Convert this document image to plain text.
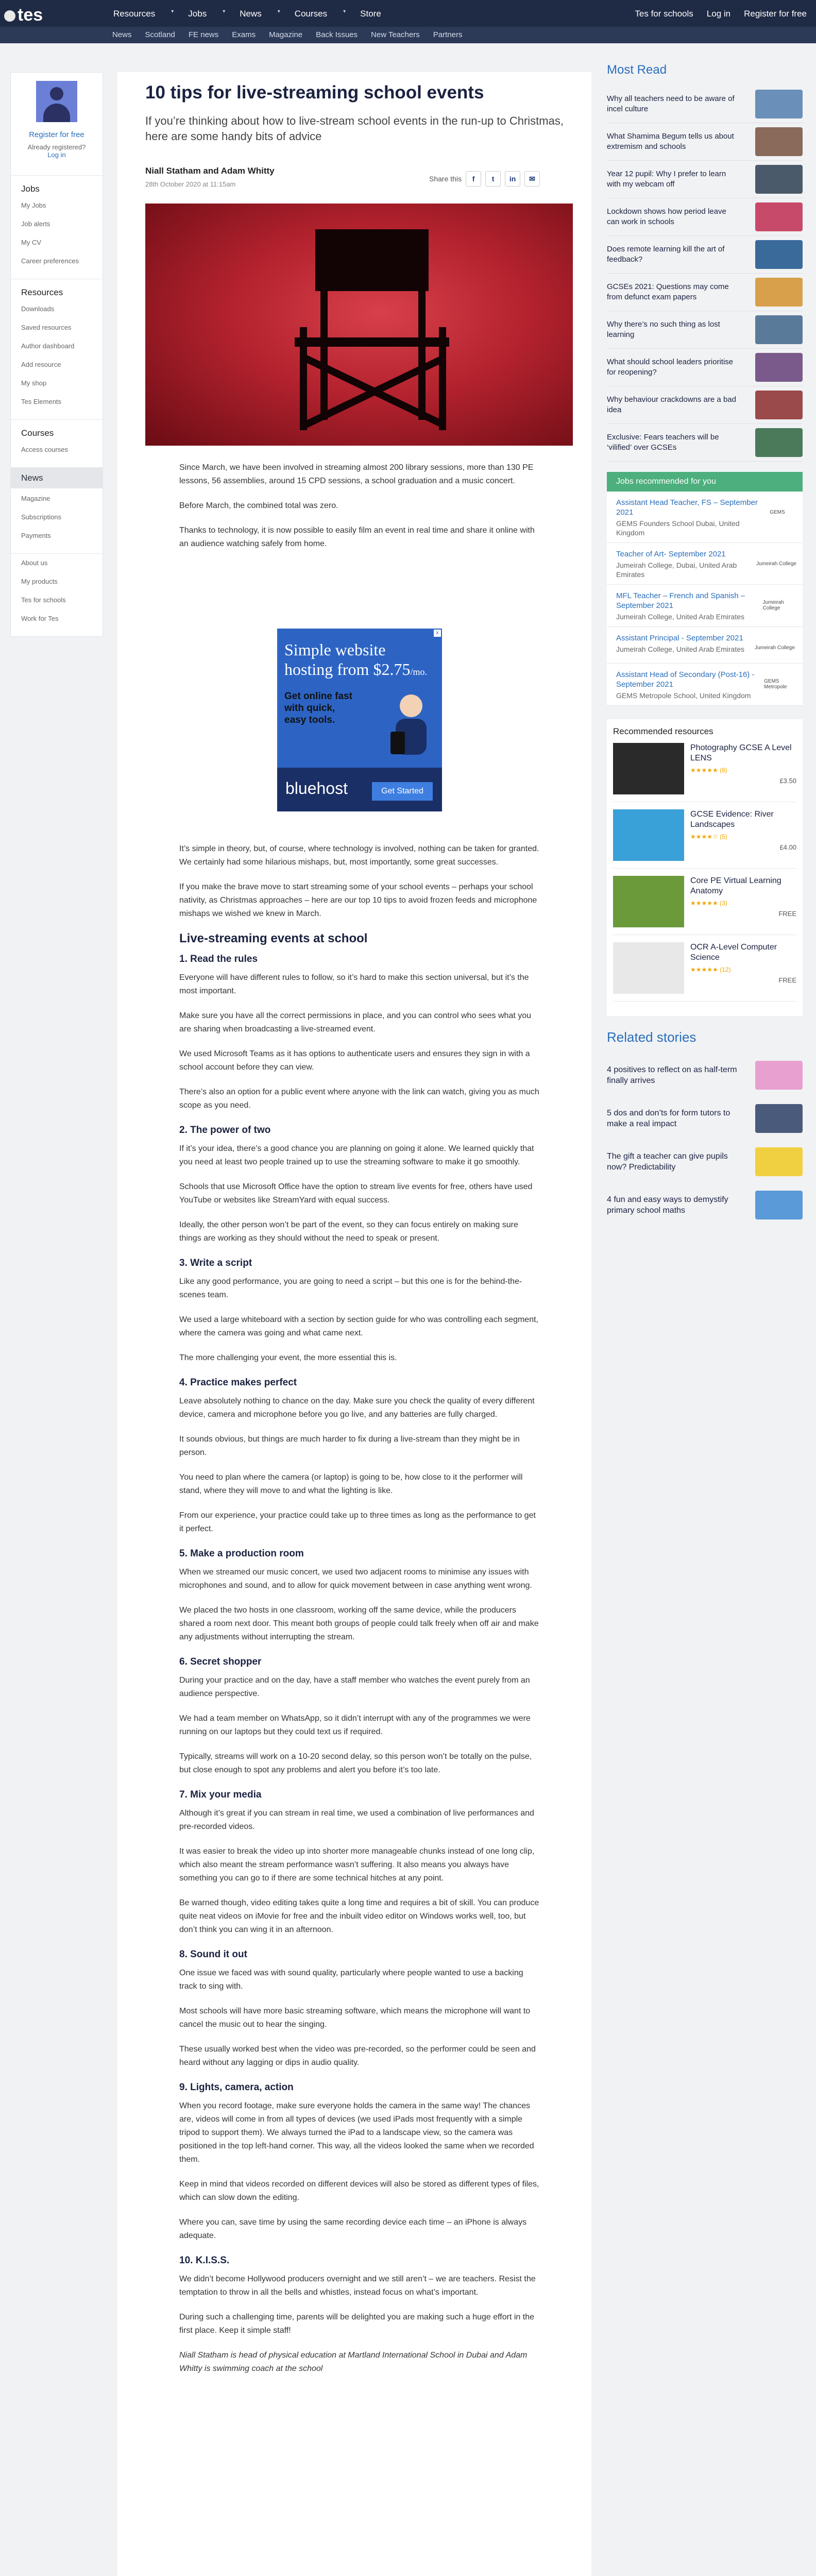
tes	Resources	▾ Jobs	▾ News	▾ Courses	▾ Store	Tes for schools Log in Register for free
News Scotland FE news Exams Magazine Back Issues New Teachers Partners
Register for free
Already registered?
Log in
Jobs
My Jobs
Job alerts
My CV
Career preferences
Resources
Downloads
Saved resources
Author dashboard
Add resource
My shop
Tes Elements
Courses
Access courses
News
Magazine
Subscriptions
Payments
About us
My products
Tes for schools
Work for Tes
10 tips for live-streaming school events
If you’re thinking about how to live-stream school events in the run-up to Christmas, here are some handy bits of advice
Niall Statham and Adam Whitty
28th October 2020 at 11:15am
Share this	f	t	in	✉

Since March, we have been involved in streaming almost 200 library sessions, more than 130 PE lessons, 56 assemblies, around 15 CPD sessions, a school graduation and a music concert.

Before March, the combined total was zero.

Thanks to technology, it is now possible to easily film an event in real time and share it online with an audience watching safely from home.

x
Simple website
hosting from $2.75/mo.
Get online fast with quick, easy tools.
bluehost	Get Started

It’s simple in theory, but, of course, where technology is involved, nothing can be taken for granted. We certainly had some hilarious mishaps, but, most importantly, some great successes.

If you make the brave move to start streaming some of your school events – perhaps your school nativity, as Christmas approaches – here are our top 10 tips to avoid frozen feeds and microphone mishaps we wished we knew in March.

Live-streaming events at school
1. Read the rules

Everyone will have different rules to follow, so it’s hard to make this section universal, but it’s the most important.

Make sure you have all the correct permissions in place, and you can control who sees what you are sharing when broadcasting a live-streamed event.

We used Microsoft Teams as it has options to authenticate users and ensures they sign in with a school account before they can view.

There’s also an option for a public event where anyone with the link can watch, giving you as much scope as you need.

2. The power of two

If it’s your idea, there’s a good chance you are planning on going it alone. We learned quickly that you need at least two people trained up to use the streaming software to make it go smoothly.

Schools that use Microsoft Office have the option to stream live events for free, others have used YouTube or websites like StreamYard with equal success.

Ideally, the other person won’t be part of the event, so they can focus entirely on making sure things are working as they should without the need to speak or present.

3. Write a script

Like any good performance, you are going to need a script – but this one is for the behind-the-scenes team.

We used a large whiteboard with a section by section guide for who was controlling each segment, where the camera was going and what came next.

The more challenging your event, the more essential this is.

4. Practice makes perfect

Leave absolutely nothing to chance on the day. Make sure you check the quality of every different device, camera and microphone before you go live, and any batteries are fully charged.

It sounds obvious, but things are much harder to fix during a live-stream than they might be in person.

You need to plan where the camera (or laptop) is going to be, how close to it the performer will stand, where they will move to and what the lighting is like.

From our experience, your practice could take up to three times as long as the performance to get it perfect.

5. Make a production room

When we streamed our music concert, we used two adjacent rooms to minimise any issues with microphones and sound, and to allow for quick movement between in case anything went wrong.

We placed the two hosts in one classroom, working off the same device, while the producers shared a room next door. This meant both groups of people could talk freely when off air and make any adjustments without interrupting the stream.

6. Secret shopper

During your practice and on the day, have a staff member who watches the event purely from an audience perspective.

We had a team member on WhatsApp, so it didn’t interrupt with any of the programmes we were running on our laptops but they could text us if required.

Typically, streams will work on a 10-20 second delay, so this person won’t be totally on the pulse, but close enough to spot any problems and alert you before it’s too late.

7. Mix your media

Although it’s great if you can stream in real time, we used a combination of live performances and pre-recorded videos.

It was easier to break the video up into shorter more manageable chunks instead of one long clip, which also meant the stream performance wasn’t suffering. It also means you always have something you can go to if there are some technical hitches at any point.

Be warned though, video editing takes quite a long time and requires a bit of skill. You can produce quite neat videos on iMovie for free and the inbuilt video editor on Windows works well, too, but don’t think you can wing it in an afternoon.

8. Sound it out

One issue we faced was with sound quality, particularly where people wanted to use a backing track to sing with.

Most schools will have more basic streaming software, which means the microphone will want to cancel the music out to hear the singing.

These usually worked best when the video was pre-recorded, so the performer could be seen and heard without any lagging or dips in audio quality.

9. Lights, camera, action

When you record footage, make sure everyone holds the camera in the same way! The chances are, videos will come in from all types of devices (we used iPads most frequently with a simple tripod to support them). We always turned the iPad to a landscape view, so the camera was positioned in the top left-hand corner. This way, all the videos looked the same when we recorded them.

Keep in mind that videos recorded on different devices will also be stored as different types of files, which can slow down the editing.

Where you can, save time by using the same recording device each time – an iPhone is always adequate.

10. K.I.S.S.

We didn’t become Hollywood producers overnight and we still aren’t – we are teachers. Resist the temptation to throw in all the bells and whistles, instead focus on what’s important.

During such a challenging time, parents will be delighted you are making such a huge effort in the first place. Keep it simple staff!

Niall Statham is head of physical education at Martland International School in Dubai and Adam Whitty is swimming coach at the school

Most Read
Why all teachers need to be aware of incel culture
What Shamima Begum tells us about extremism and schools
Year 12 pupil: Why I prefer to learn with my webcam off
Lockdown shows how period leave can work in schools
Does remote learning kill the art of feedback?
GCSEs 2021: Questions may come from defunct exam papers
Why there’s no such thing as lost learning
What should school leaders prioritise for reopening?
Why behaviour crackdowns are a bad idea
Exclusive: Fears teachers will be ‘vilified’ over GCSEs
Jobs recommended for you
Assistant Head Teacher, FS – September 2021
GEMS Founders School Dubai, United Kingdom
GEMS
Teacher of Art- September 2021
Jumeirah College, Dubai, United Arab Emirates
Jumeirah College
MFL Teacher – French and Spanish – September 2021
Jumeirah College, United Arab Emirates
Jumeirah College
Assistant Principal - September 2021
Jumeirah College, United Arab Emirates	Jumeirah College
Assistant Head of Secondary (Post-16) - September 2021
GEMS Metropole School, United Kingdom
GEMS Metropole
Recommended resources
Photography GCSE A Level LENS
★★★★★ (8)
£3.50
GCSE Evidence: River Landscapes
★★★★☆ (5)
£4.00
Core PE Virtual Learning Anatomy
★★★★★ (3)
FREE
OCR A-Level Computer Science
★★★★★ (12)
FREE
Related stories
4 positives to reflect on as half-term finally arrives
5 dos and don’ts for form tutors to make a real impact
The gift a teacher can give pupils now? Predictability
4 fun and easy ways to demystify primary school maths
